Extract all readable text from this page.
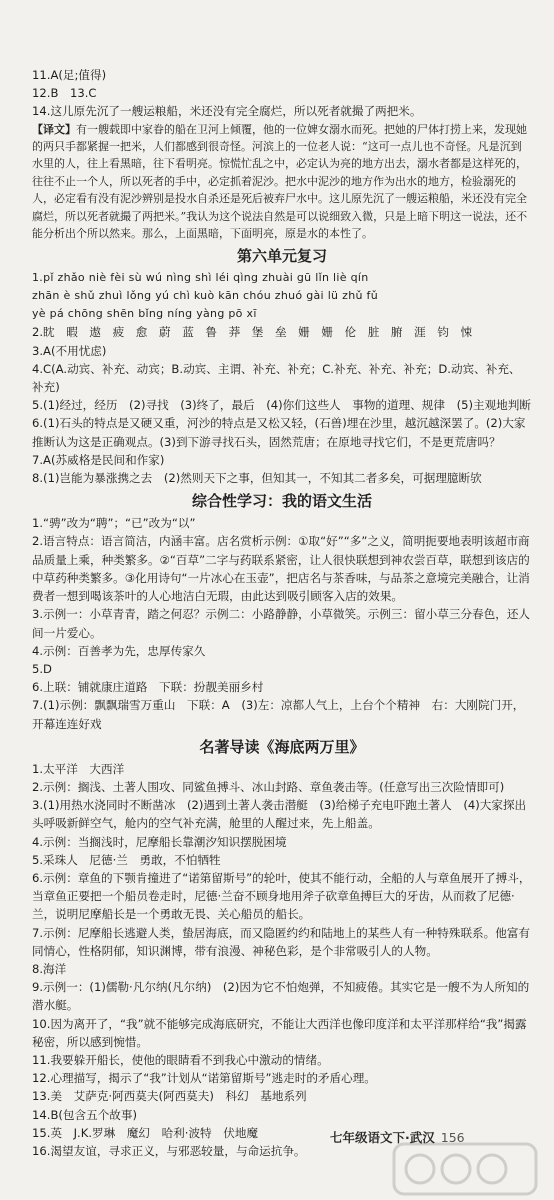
11.A(足;值得)
12.B　13.C
14.这儿原先沉了一艘运粮船，米还没有完全腐烂，所以死者就撮了两把米。
【译文】有一艘载即中家眷的船在卫河上倾覆，他的一位婢女溺水而死。把她的尸体打捞上来，发现她的两只手都紧握一把米，人们都感到很奇怪。河滨上的一位老人说：“这可一点儿也不奇怪。凡是沉到水里的人，往上看黑暗，往下看明亮。惊慌忙乱之中，必定认为亮的地方出去，溺水者都是这样死的，往往不止一个人，所以死者的手中，必定抓着泥沙。把水中泥沙的地方作为出水的地方，检验溺死的人，必定看有没有泥沙辨别是投水自杀还是死后被弃尸水中。这儿原先沉了一艘运粮船，米还没有完全腐烂，所以死者就撮了两把米。”我认为这个说法自然是可以说细致入微，只是上暗下明这一说法，还不能分析出个所以然来。那么，上面黑暗，下面明亮，原是水的本性了。
第六单元复习
1.pǐ zhǎo niè fèi sù wú nìng shì léi qìng zhuài gū lǐn liè qín
zhān è shǔ zhuì lǒng yú chì kuò kān chóu zhuó gài lü zhǔ fǔ
yè pá chōng shēn bǐng níng yàng pō xī
2.眈　暇　遨　疲　愈　蔚　蓝　鲁　莽　堡　垒　姗　姗　伦　脏　腑　涯　钧　悚
3.A(不用忧虑)
4.C(A.动宾、补充、动宾；B.动宾、主谓、补充、补充；C.补充、补充、补充；D.动宾、补充、补充)
5.(1)经过，经历　(2)寻找　(3)终了，最后　(4)你们这些人　事物的道理、规律　(5)主观地判断
6.(1)石头的特点是又硬又重，河沙的特点是又松又轻，(石兽)埋在沙里，越沉越深罢了。(2)大家推断认为这是正确观点。(3)到下游寻找石头，固然荒唐；在原地寻找它们，不是更荒唐吗？
7.A(苏威格是民间和作家)
8.(1)岂能为暴涨携之去　(2)然则天下之事，但知其一，不知其二者多矣，可据理臆断欤
综合性学习：我的语文生活
1.“骋”改为“聘”；“已”改为“以”
2.语言特点：语言简洁，内涵丰富。店名赏析示例：①取“好”“多”之义，简明扼要地表明该超市商品质量上乘，种类繁多。②“百草”二字与药联系紧密，让人很快联想到神农尝百草，联想到该店的中草药种类繁多。③化用诗句“一片冰心在玉壶”，把店名与茶香味，与品茶之意境完美融合，让消费者一想到喝该茶叶的人心地洁白无瑕，由此达到吸引顾客入店的效果。
3.示例一：小草青青，踏之何忍？示例二：小路静静，小草微笑。示例三：留小草三分春色，还人间一片爱心。
4.示例：百善孝为先，忠厚传家久
5.D
6.上联：铺就康庄道路　下联：扮靓美丽乡村
7.(1)示例：飘飘瑞雪万重山　下联：A　(3)左：凉都人气上，上台个个精神　右：大刚院门开，开幕连连好戏
名著导读《海底两万里》
1.太平洋　大西洋
2.示例：搁浅、土著人围攻、同鲨鱼搏斗、冰山封路、章鱼袭击等。(任意写出三次险情即可)
3.(1)用热水浇同时不断凿冰　(2)遇到土著人袭击潜艇　(3)给梯子充电吓跑土著人　(4)大家探出头呼吸新鲜空气，舱内的空气补充满，舱里的人醒过来，先上船盖。
4.示例：当搁浅时，尼摩船长靠潮汐知识摆脱困境
5.采珠人　尼德·兰　勇敢，不怕牺牲
6.示例：章鱼的下颚肯撞进了“诺第留斯号”的轮叶，使其不能行动，全船的人与章鱼展开了搏斗，当章鱼正要把一个船员卷走时，尼德·兰奋不顾身地用斧子砍章鱼搏巨大的牙齿，从而救了尼德·兰，说明尼摩船长是一个勇敢无畏、关心船员的船长。
7.示例：尼摩船长逃避人类，蛰居海底，而又隐匿约约和陆地上的某些人有一种特殊联系。他富有同情心，性格阴郁，知识渊博，带有浪漫、神秘色彩，是个非常吸引人的人物。
8.海洋
9.示例一：(1)儒勒·凡尔纳(凡尔纳)　(2)因为它不怕炮弹，不知疲倦。其实它是一艘不为人所知的潜水艇。
10.因为离开了，“我”就不能够完成海底研究，不能让大西洋也像印度洋和太平洋那样给“我”揭露秘密，所以感到惋惜。
11.我要躲开船长，使他的眼睛看不到我心中激动的情绪。
12.心理描写，揭示了“我”计划从“诺第留斯号”逃走时的矛盾心理。
13.美　艾萨克·阿西莫夫(阿西莫夫)　科幻　基地系列
14.B(包含五个故事)
15.英　J.K.罗琳　魔幻　哈利·波特　伏地魔
16.渴望友谊，寻求正义，与邪恶较量，与命运抗争。
七年级语文下·武汉 156
